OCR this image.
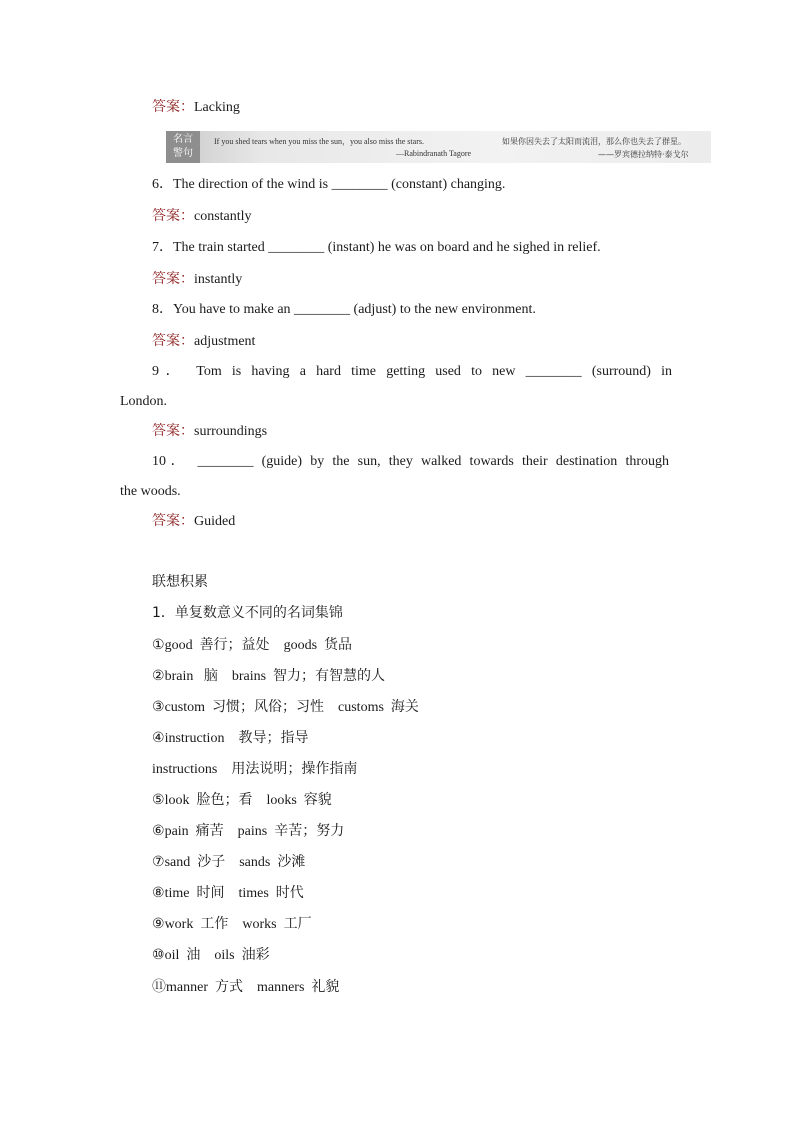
答案：Lacking
名言
警句
If you shed tears when you miss the sun，you also miss the stars.
—Rabindranath Tagore
如果你因失去了太阳而流泪，那么你也失去了群星。
——罗宾德拉纳特·泰戈尔
6．The direction of the wind is ________ (constant) changing.
答案：constantly
7．The train started ________ (instant) he was on board and he sighed in relief.
答案：instantly
8．You have to make an ________ (adjust) to the new environment.
答案：adjustment
9． Tom is having a hard time getting used to new ________ (surround) in
London.
答案：surroundings
10． ________ (guide) by the sun, they walked towards their destination through
the woods.
答案：Guided
联想积累
1．单复数意义不同的名词集锦
①good 善行；益处 goods 货品
②brain 脑 brains 智力；有智慧的人
③custom 习惯；风俗；习性 customs 海关
④instruction 教导；指导
instructions 用法说明；操作指南
⑤look 脸色；看 looks 容貌
⑥pain 痛苦 pains 辛苦；努力
⑦sand 沙子 sands 沙滩
⑧time 时间 times 时代
⑨work 工作 works 工厂
⑩oil 油 oils 油彩
⑪manner 方式 manners 礼貌
